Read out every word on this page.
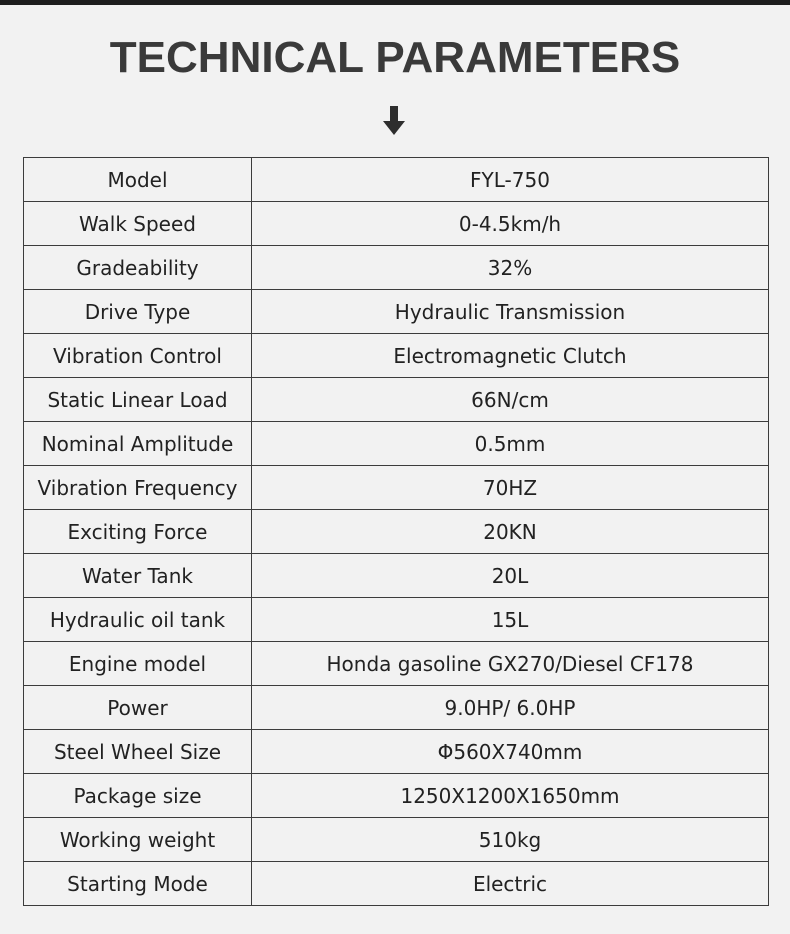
TECHNICAL PARAMETERS
Model	FYL-750
Walk Speed	0-4.5km/h
Gradeability	32%
Drive Type	Hydraulic Transmission
Vibration Control	Electromagnetic Clutch
Static Linear Load	66N/cm
Nominal Amplitude	0.5mm
Vibration Frequency	70HZ
Exciting Force	20KN
Water Tank	20L
Hydraulic oil tank	15L
Engine model	Honda gasoline GX270/Diesel CF178
Power	9.0HP/ 6.0HP
Steel Wheel Size	Φ560X740mm
Package size	1250X1200X1650mm
Working weight	510kg
Starting Mode	Electric
